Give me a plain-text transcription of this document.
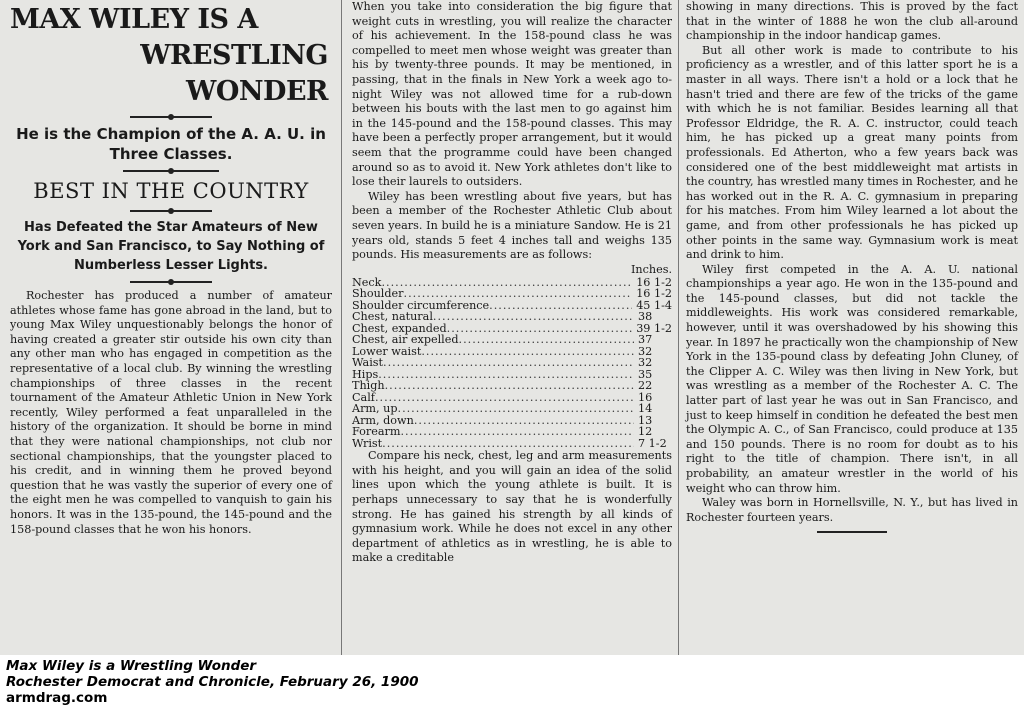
MAX WILEY IS A
WRESTLING WONDER
He is the Champion of the A. A. U. in Three Classes.
BEST IN THE COUNTRY
Has Defeated the Star Amateurs of New York and San Francisco, to Say Nothing of Numberless Lesser Lights.

Rochester has produced a number of amateur athletes whose fame has gone abroad in the land, but to young Max Wiley unquestionably belongs the honor of having created a greater stir outside his own city than any other man who has engaged in competition as the representative of a local club. By winning the wrestling championships of three classes in the recent tournament of the Amateur Athletic Union in New York recently, Wiley performed a feat unparalleled in the history of the organization. It should be borne in mind that they were national championships, not club nor sectional championships, that the youngster placed to his credit, and in winning them he proved beyond question that he was vastly the superior of every one of the eight men he was compelled to vanquish to gain his honors. It was in the 135-pound, the 145-pound and the 158-pound classes that he won his honors.

When you take into consideration the big figure that weight cuts in wrestling, you will realize the character of his achievement. In the 158-pound class he was compelled to meet men whose weight was greater than his by twenty-three pounds. It may be mentioned, in passing, that in the finals in New York a week ago to-night Wiley was not allowed time for a rub-down between his bouts with the last men to go against him in the 145-pound and the 158-pound classes. This may have been a perfectly proper arrangement, but it would seem that the programme could have been changed around so as to avoid it. New York athletes don't like to lose their laurels to outsiders.

Wiley has been wrestling about five years, but has been a member of the Rochester Athletic Club about seven years. In build he is a miniature Sandow. He is 21 years old, stands 5 feet 4 inches tall and weighs 135 pounds. His measurements are as follows:

Inches.
Neck .....	16 1-2
Shoulder .....	16 1-2
Shoulder circumference .....	45 1-4
Chest, natural .....	38
Chest, expanded .....	39 1-2
Chest, air expelled .....	37
Lower waist .....	32
Waist .....	32
Hips .....	35
Thigh .....	22
Calf .....	16
Arm, up .....	14
Arm, down .....	13
Forearm .....	12
Wrist .....	7 1-2

Compare his neck, chest, leg and arm measurements with his height, and you will gain an idea of the solid lines upon which the young athlete is built. It is perhaps unnecessary to say that he is wonderfully strong. He has gained his strength by all kinds of gymnasium work. While he does not excel in any other department of athletics as in wrestling, he is able to make a creditable

showing in many directions. This is proved by the fact that in the winter of 1888 he won the club all-around championship in the indoor handicap games.

But all other work is made to contribute to his proficiency as a wrestler, and of this latter sport he is a master in all ways. There isn't a hold or a lock that he hasn't tried and there are few of the tricks of the game with which he is not familiar. Besides learning all that Professor Eldridge, the R. A. C. instructor, could teach him, he has picked up a great many points from professionals. Ed Atherton, who a few years back was considered one of the best middleweight mat artists in the country, has wrestled many times in Rochester, and he has worked out in the R. A. C. gymnasium in preparing for his matches. From him Wiley learned a lot about the game, and from other professionals he has picked up other points in the same way. Gymnasium work is meat and drink to him.

Wiley first competed in the A. A. U. national championships a year ago. He won in the 135-pound and the 145-pound classes, but did not tackle the middleweights. His work was considered remarkable, however, until it was overshadowed by his showing this year. In 1897 he practically won the championship of New York in the 135-pound class by defeating John Cluney, of the Clipper A. C. Wiley was then living in New York, but was wrestling as a member of the Rochester A. C. The latter part of last year he was out in San Francisco, and just to keep himself in condition he defeated the best men the Olympic A. C., of San Francisco, could produce at 135 and 150 pounds. There is no room for doubt as to his right to the title of champion. There isn't, in all probability, an amateur wrestler in the world of his weight who can throw him.

Waley was born in Hornellsville, N. Y., but has lived in Rochester fourteen years.

Max Wiley is a Wrestling Wonder
Rochester Democrat and Chronicle, February 26, 1900
armdrag.com
